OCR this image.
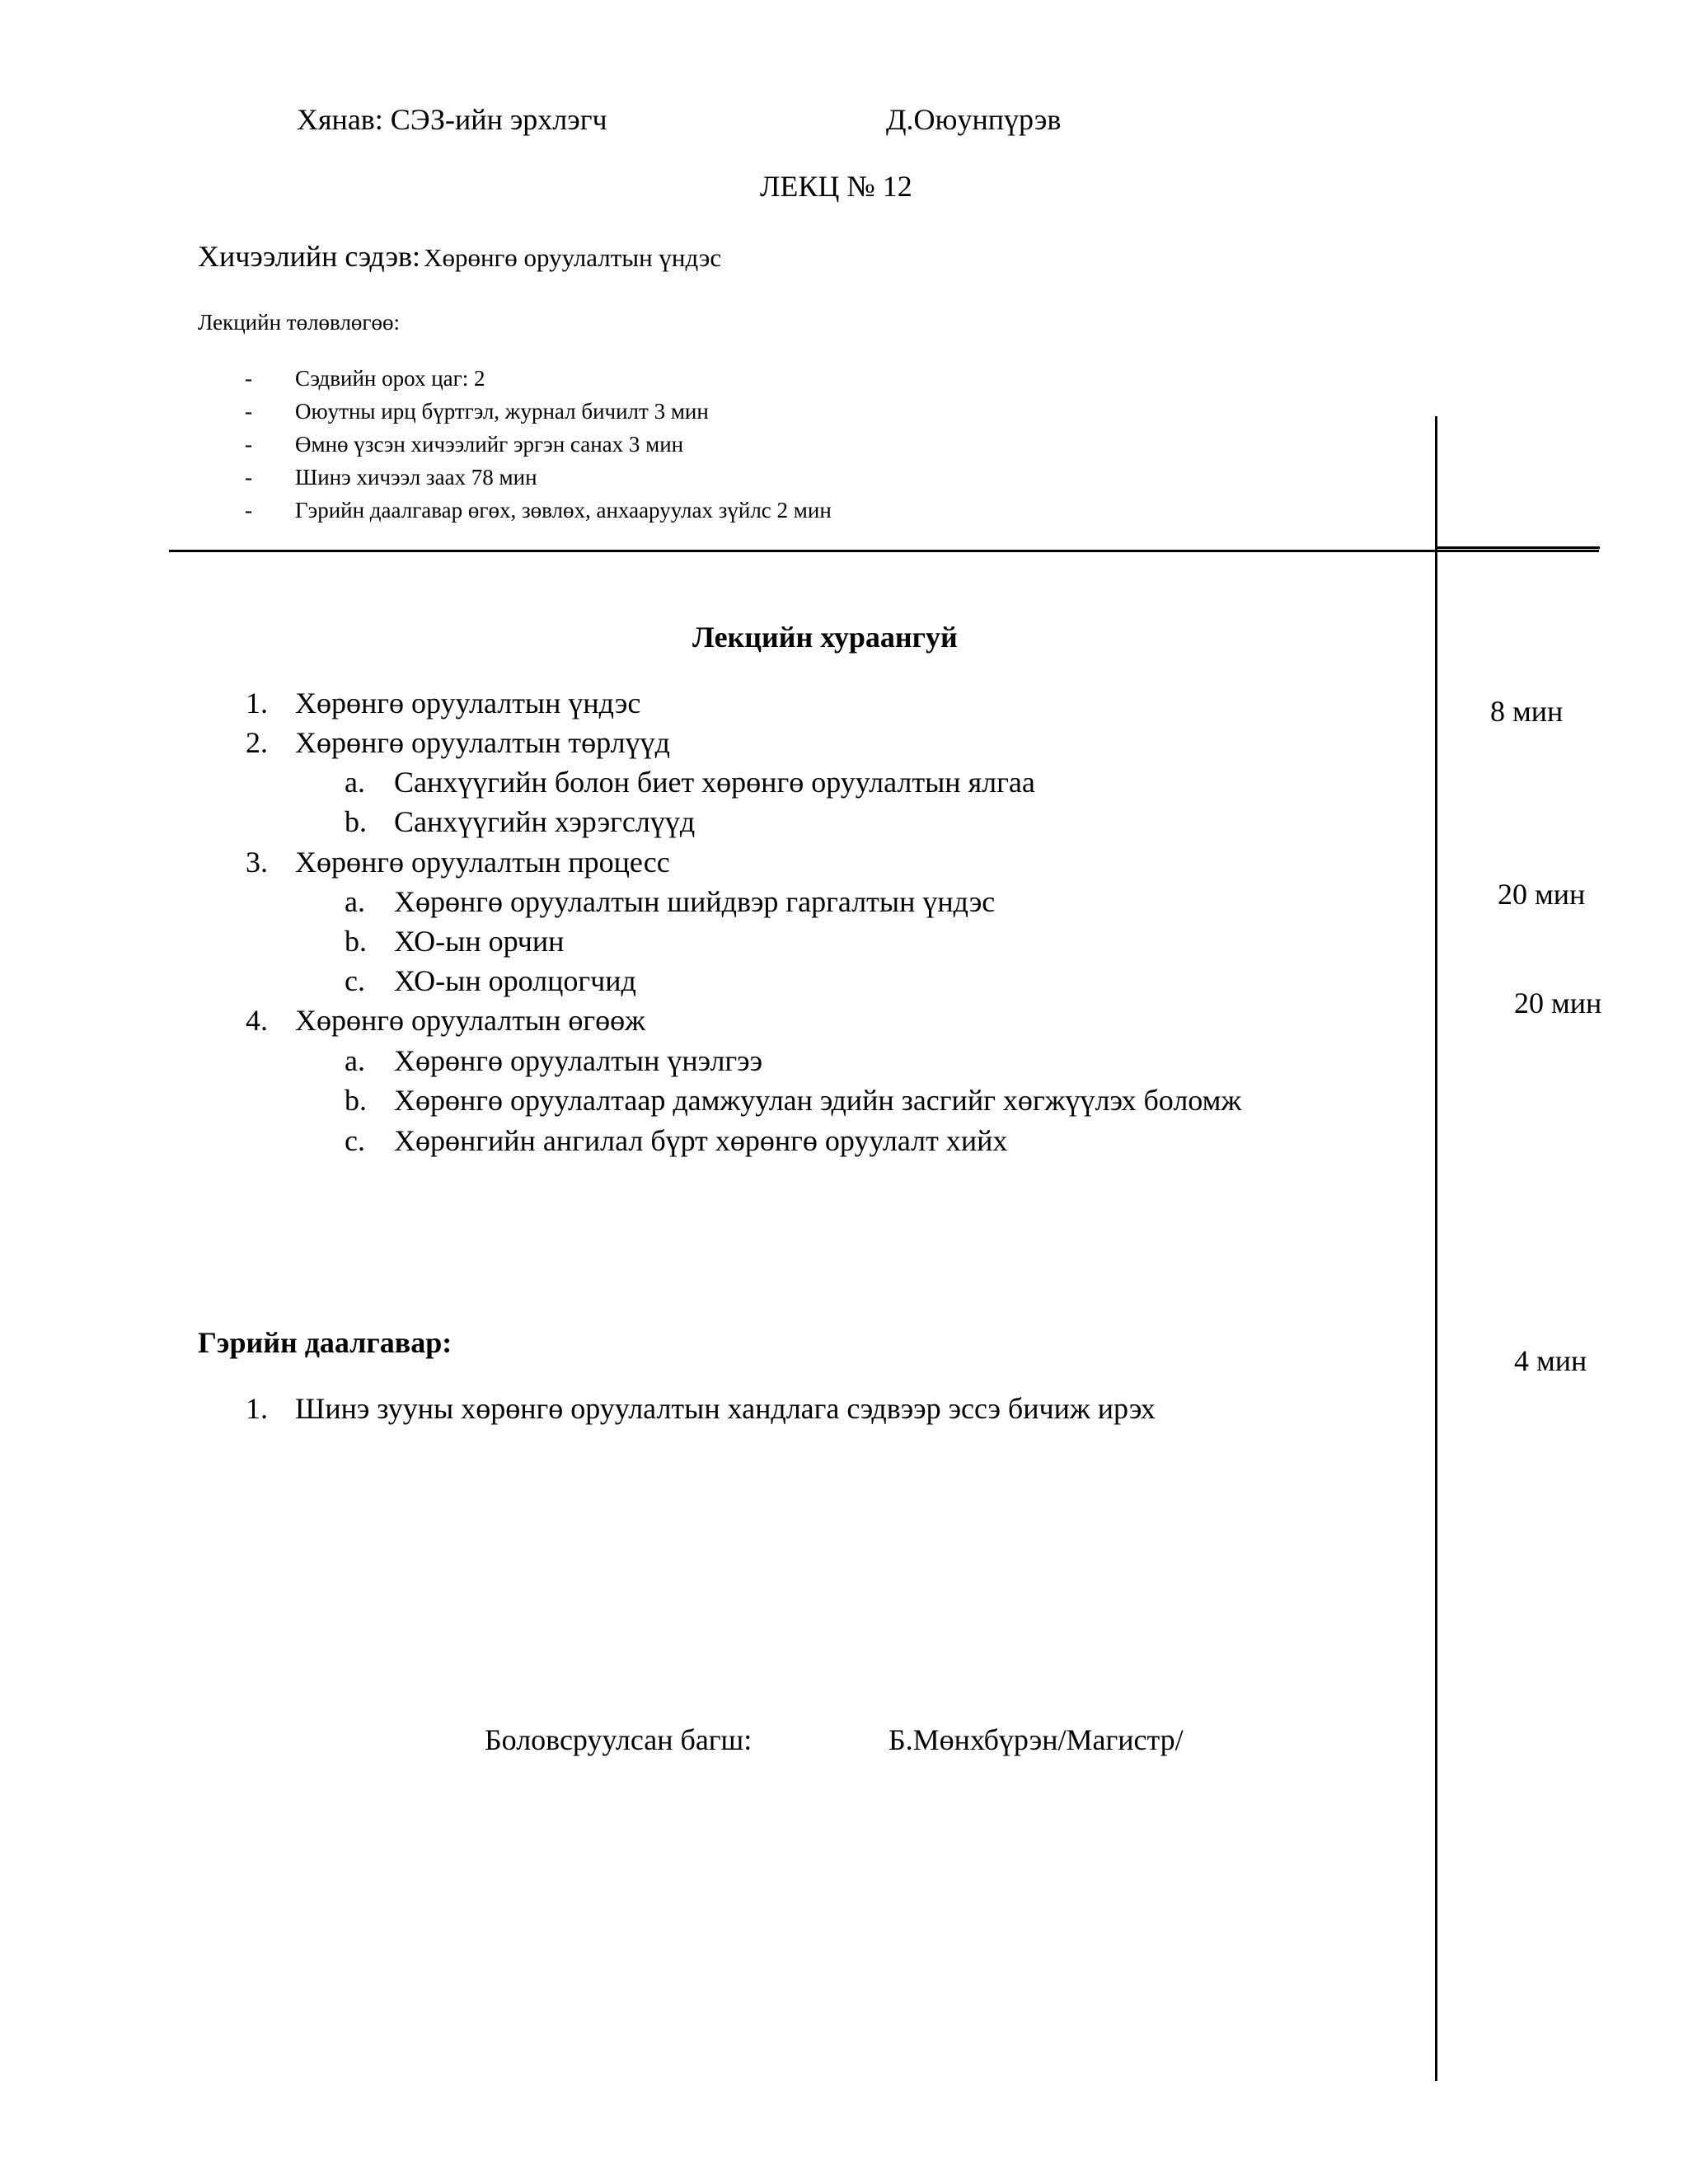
Хянав: СЭЗ-ийн эрхлэгч	Д.Оюунпүрэв
ЛЕКЦ № 12
Хичээлийн сэдэв: Хөрөнгө оруулалтын үндэс
Лекцийн төлөвлөгөө:
- Сэдвийн орох цаг: 2
- Оюутны ирц бүртгэл, журнал бичилт 3 мин
- Өмнө үзсэн хичээлийг эргэн санах 3 мин
- Шинэ хичээл заах 78 мин
- Гэрийн даалгавар өгөх, зөвлөх, анхааруулах зүйлс 2 мин
Лекцийн хураангуй
1. Хөрөнгө оруулалтын үндэс
2. Хөрөнгө оруулалтын төрлүүд
a. Санхүүгийн болон биет хөрөнгө оруулалтын ялгаа
b. Санхүүгийн хэрэгслүүд
3. Хөрөнгө оруулалтын процесс
a. Хөрөнгө оруулалтын шийдвэр гаргалтын үндэс
b. ХО-ын орчин
c. ХО-ын оролцогчид
4. Хөрөнгө оруулалтын өгөөж
a. Хөрөнгө оруулалтын үнэлгээ
b. Хөрөнгө оруулалтаар дамжуулан эдийн засгийг хөгжүүлэх боломж
c. Хөрөнгийн ангилал бүрт хөрөнгө оруулалт хийх
8 мин
20 мин
20 мин
Гэрийн даалгавар:
4 мин
1. Шинэ зууны хөрөнгө оруулалтын хандлага сэдвээр эссэ бичиж ирэх
Боловсруулсан багш:	Б.Мөнхбүрэн/Магистр/
